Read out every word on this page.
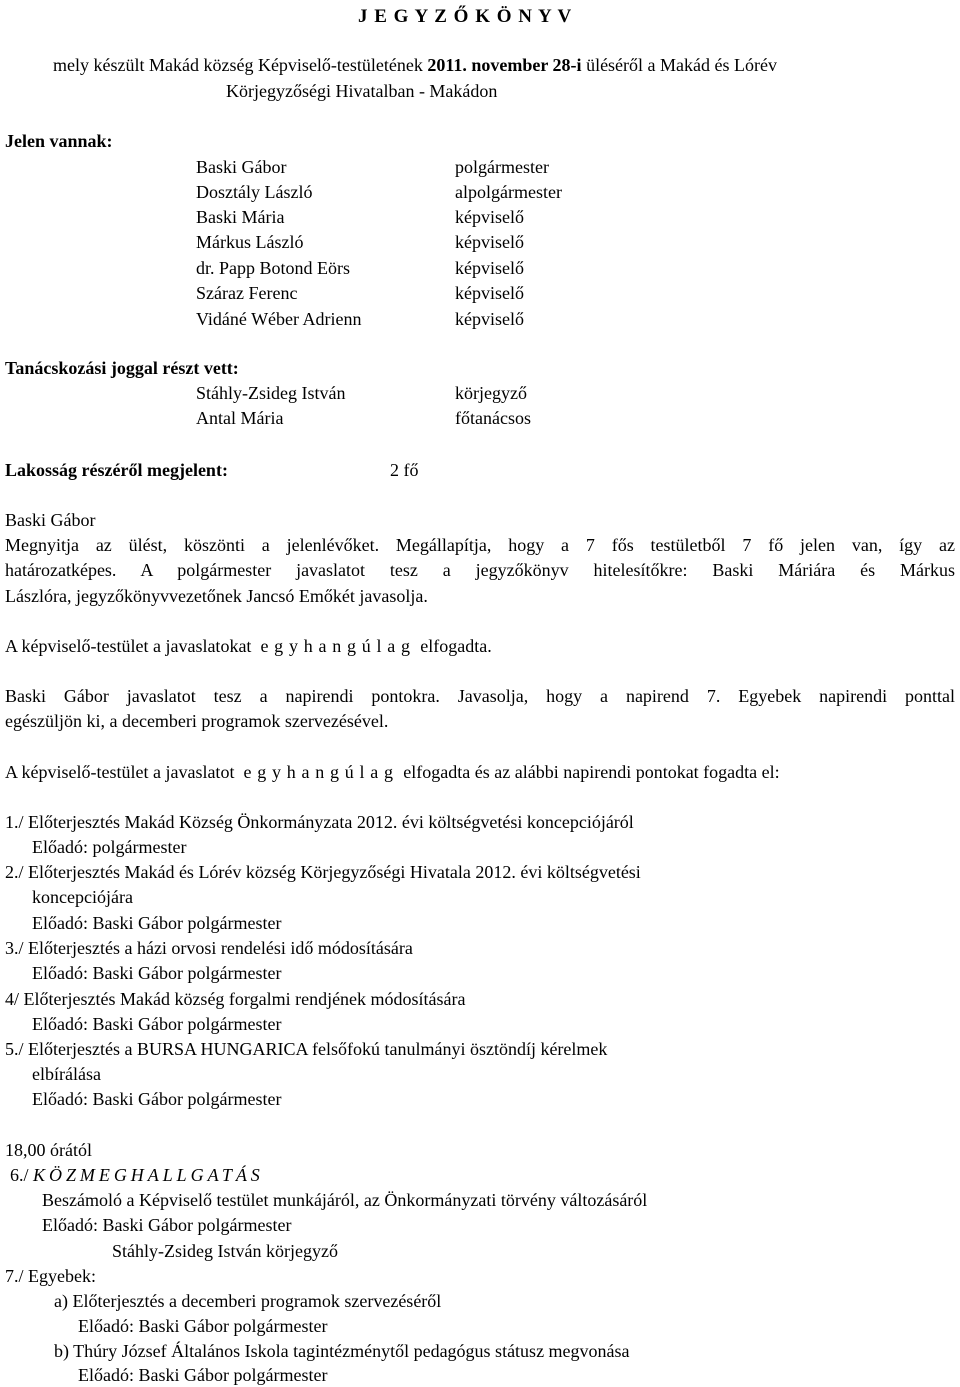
J E G Y Z Ő K Ö N Y V
mely készült Makád község Képviselő-testületének 2011. november 28-i üléséről a Makád és Lórév
Körjegyzőségi Hivatalban - Makádon
Jelen vannak:
Baski Gábor	polgármester
Dosztály László	alpolgármester
Baski Mária	képviselő
Márkus László	képviselő
dr. Papp Botond Eörs	képviselő
Száraz Ferenc	képviselő
Vidáné Wéber Adrienn	képviselő
Tanácskozási joggal részt vett:
Stáhly-Zsideg István	körjegyző
Antal Mária	főtanácsos
Lakosság részéről megjelent:	2 fő
Baski Gábor
Megnyitja az ülést, köszönti a jelenlévőket. Megállapítja, hogy a 7 fős testületből 7 fő jelen van, így az
határozatképes. A polgármester javaslatot tesz a jegyzőkönyv hitelesítőkre: Baski Máriára és Márkus
Lászlóra, jegyzőkönyvvezetőnek Jancsó Emőkét javasolja.
A képviselő-testület a javaslatokat egyhangúlag elfogadta.
Baski Gábor javaslatot tesz a napirendi pontokra. Javasolja, hogy a napirend 7. Egyebek napirendi ponttal
egészüljön ki, a decemberi programok szervezésével.
A képviselő-testület a javaslatot egyhangúlag elfogadta és az alábbi napirendi pontokat fogadta el:
1./ Előterjesztés Makád Község Önkormányzata 2012. évi költségvetési koncepciójáról
Előadó: polgármester
2./ Előterjesztés Makád és Lórév község Körjegyzőségi Hivatala 2012. évi költségvetési
koncepciójára
Előadó: Baski Gábor polgármester
3./ Előterjesztés a házi orvosi rendelési idő módosítására
Előadó: Baski Gábor polgármester
4/ Előterjesztés Makád község forgalmi rendjének módosítására
Előadó: Baski Gábor polgármester
5./ Előterjesztés a BURSA HUNGARICA felsőfokú tanulmányi ösztöndíj kérelmek
elbírálása
Előadó: Baski Gábor polgármester
18,00 órától
6./ KÖZMEGHALLGATÁS
Beszámoló a Képviselő testület munkájáról, az Önkormányzati törvény változásáról
Előadó: Baski Gábor polgármester
Stáhly-Zsideg István körjegyző
7./ Egyebek:
a) Előterjesztés a decemberi programok szervezéséről
Előadó: Baski Gábor polgármester
b) Thúry József Általános Iskola tagintézménytől pedagógus státusz megvonása
Előadó: Baski Gábor polgármester
